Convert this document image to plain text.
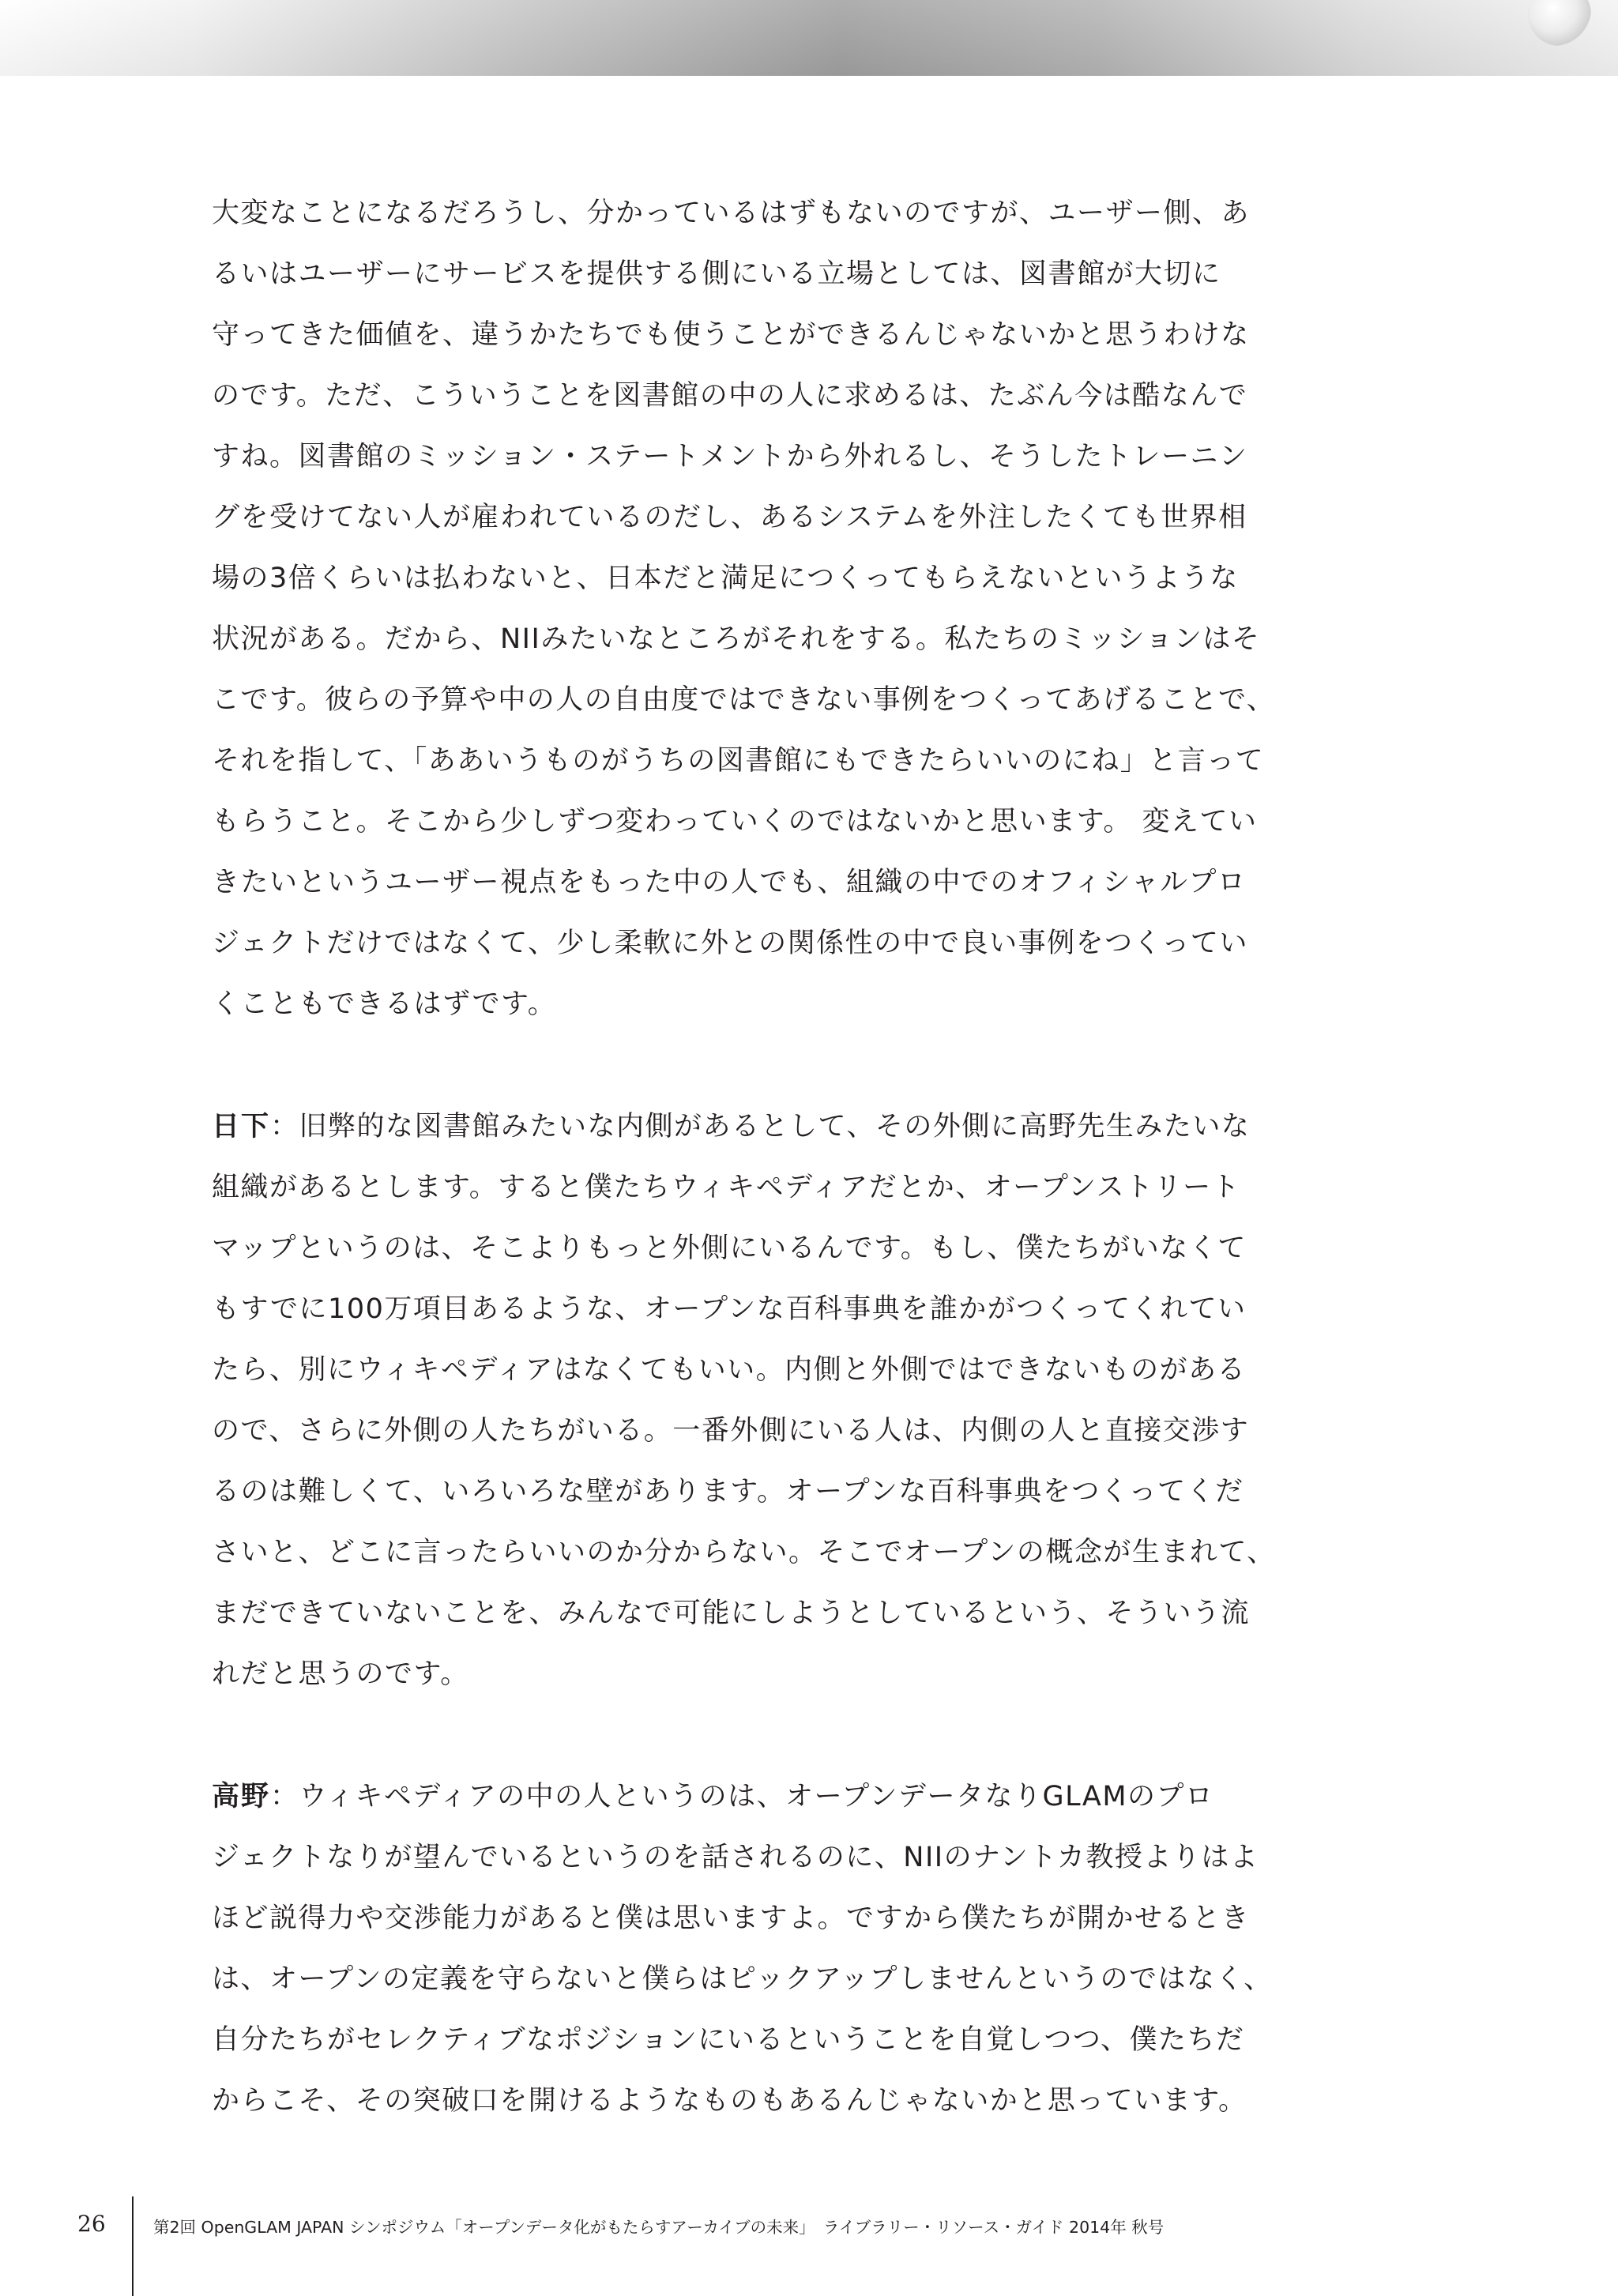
大変なことになるだろうし、分かっているはずもないのですが、ユーザー側、あ
るいはユーザーにサービスを提供する側にいる立場としては、図書館が大切に
守ってきた価値を、違うかたちでも使うことができるんじゃないかと思うわけな
のです。ただ、こういうことを図書館の中の人に求めるは、たぶん今は酷なんで
すね。図書館のミッション・ステートメントから外れるし、そうしたトレーニン
グを受けてない人が雇われているのだし、あるシステムを外注したくても世界相
場の3倍くらいは払わないと、日本だと満足につくってもらえないというような
状況がある。だから、NIIみたいなところがそれをする。私たちのミッションはそ
こです。彼らの予算や中の人の自由度ではできない事例をつくってあげることで、
それを指して、「ああいうものがうちの図書館にもできたらいいのにね」と言って
もらうこと。そこから少しずつ変わっていくのではないかと思います。 変えてい
きたいというユーザー視点をもった中の人でも、組織の中でのオフィシャルプロ
ジェクトだけではなくて、少し柔軟に外との関係性の中で良い事例をつくってい
くこともできるはずです。
日下：旧弊的な図書館みたいな内側があるとして、その外側に高野先生みたいな
組織があるとします。すると僕たちウィキペディアだとか、オープンストリート
マップというのは、そこよりもっと外側にいるんです。もし、僕たちがいなくて
もすでに100万項目あるような、オープンな百科事典を誰かがつくってくれてい
たら、別にウィキペディアはなくてもいい。内側と外側ではできないものがある
ので、さらに外側の人たちがいる。一番外側にいる人は、内側の人と直接交渉す
るのは難しくて、いろいろな壁があります。オープンな百科事典をつくってくだ
さいと、どこに言ったらいいのか分からない。そこでオープンの概念が生まれて、
まだできていないことを、みんなで可能にしようとしているという、そういう流
れだと思うのです。
高野：ウィキペディアの中の人というのは、オープンデータなりGLAMのプロ
ジェクトなりが望んでいるというのを話されるのに、NIIのナントカ教授よりはよ
ほど説得力や交渉能力があると僕は思いますよ。ですから僕たちが開かせるとき
は、オープンの定義を守らないと僕らはピックアップしませんというのではなく、
自分たちがセレクティブなポジションにいるということを自覚しつつ、僕たちだ
からこそ、その突破口を開けるようなものもあるんじゃないかと思っています。
26	第2回 OpenGLAM JAPAN シンポジウム「オープンデータ化がもたらすアーカイブの未来」　ライブラリー・リソース・ガイド 2014年 秋号
